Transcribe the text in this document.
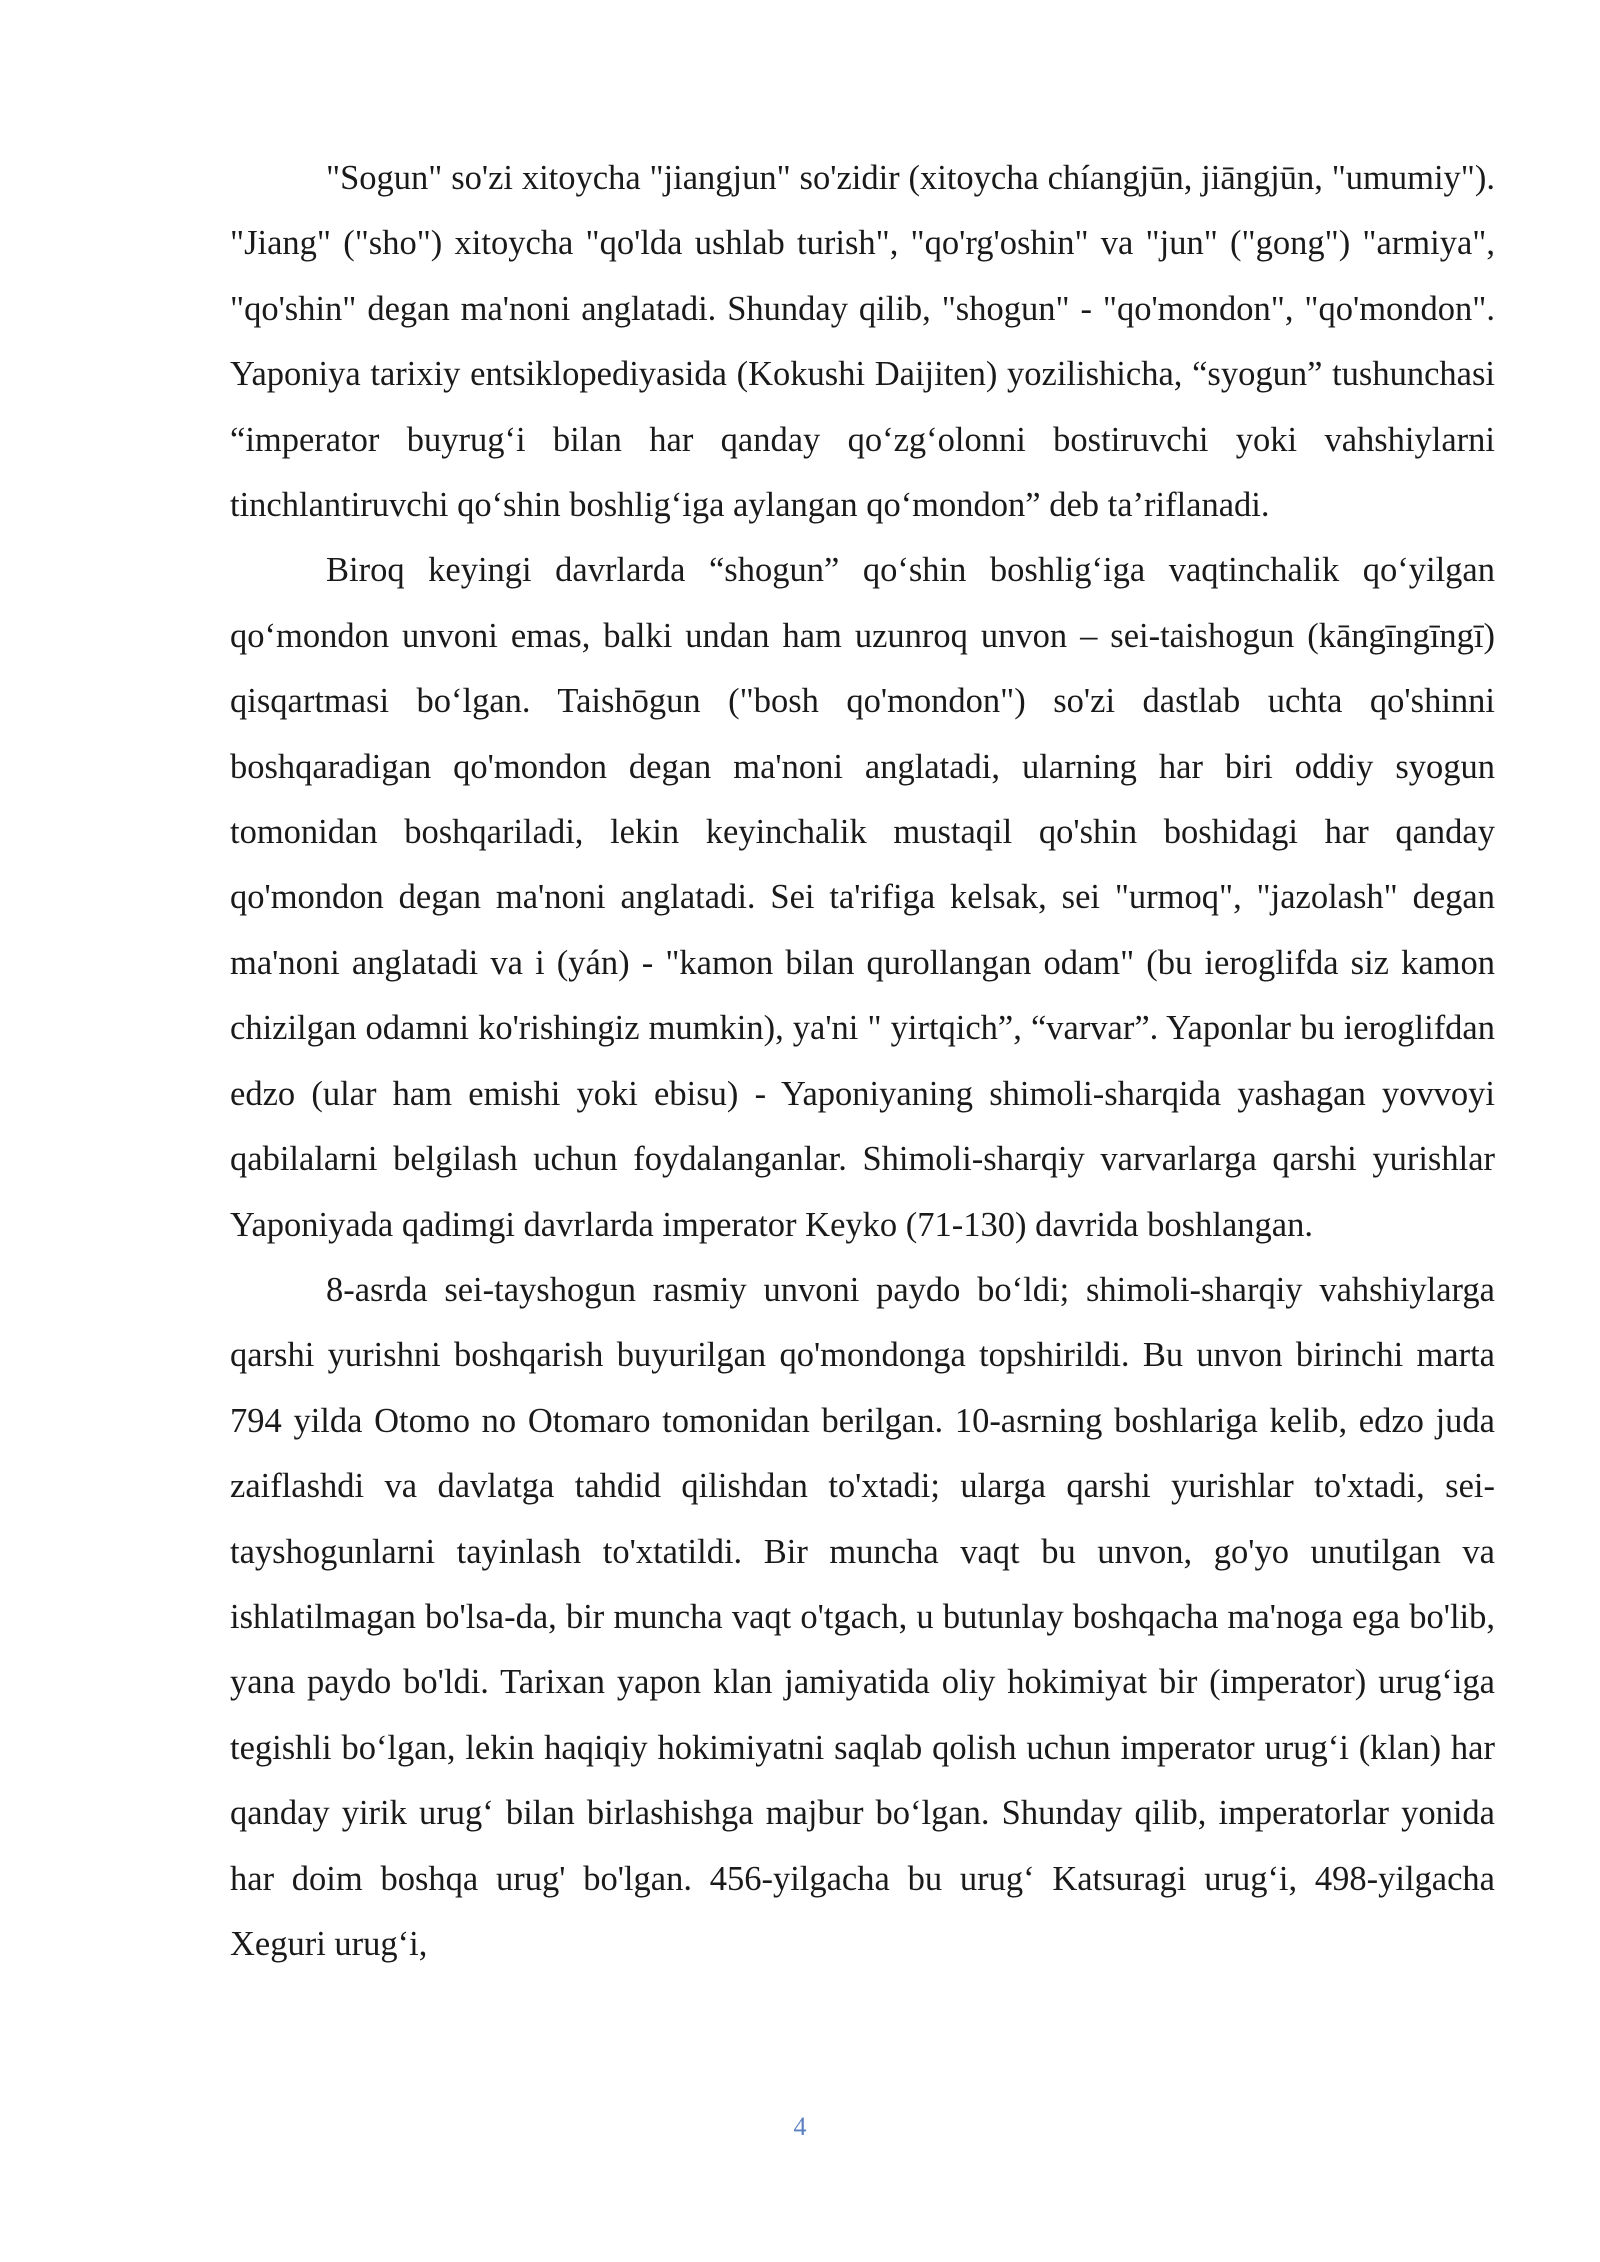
"Sogun" so'zi xitoycha "jiangjun" so'zidir (xitoycha chíangjūn, jiāngjūn, "umumiy"). "Jiang" ("sho") xitoycha "qo'lda ushlab turish", "qo'rg'oshin" va "jun" ("gong") "armiya", "qo'shin" degan ma'noni anglatadi. Shunday qilib, "shogun" - "qo'mondon", "qo'mondon". Yaponiya tarixiy entsiklopediyasida (Kokushi Daijiten) yozilishicha, “syogun” tushunchasi “imperator buyrugʻi bilan har qanday qoʻzgʻolonni bostiruvchi yoki vahshiylarni tinchlantiruvchi qoʻshin boshligʻiga aylangan qoʻmondon” deb ta’riflanadi.

Biroq keyingi davrlarda “shogun” qoʻshin boshligʻiga vaqtinchalik qoʻyilgan qoʻmondon unvoni emas, balki undan ham uzunroq unvon – sei-taishogun (kāngīngīngī) qisqartmasi boʻlgan. Taishōgun ("bosh qo'mondon") so'zi dastlab uchta qo'shinni boshqaradigan qo'mondon degan ma'noni anglatadi, ularning har biri oddiy syogun tomonidan boshqariladi, lekin keyinchalik mustaqil qo'shin boshidagi har qanday qo'mondon degan ma'noni anglatadi. Sei ta'rifiga kelsak, sei "urmoq", "jazolash" degan ma'noni anglatadi va i (yán) - "kamon bilan qurollangan odam" (bu ieroglifda siz kamon chizilgan odamni ko'rishingiz mumkin), ya'ni " yirtqich”, “varvar”. Yaponlar bu ieroglifdan edzo (ular ham emishi yoki ebisu) - Yaponiyaning shimoli-sharqida yashagan yovvoyi qabilalarni belgilash uchun foydalanganlar. Shimoli-sharqiy varvarlarga qarshi yurishlar Yaponiyada qadimgi davrlarda imperator Keyko (71-130) davrida boshlangan.

8-asrda sei-tayshogun rasmiy unvoni paydo boʻldi; shimoli-sharqiy vahshiylarga qarshi yurishni boshqarish buyurilgan qo'mondonga topshirildi. Bu unvon birinchi marta 794 yilda Otomo no Otomaro tomonidan berilgan. 10-asrning boshlariga kelib, edzo juda zaiflashdi va davlatga tahdid qilishdan to'xtadi; ularga qarshi yurishlar to'xtadi, sei-tayshogunlarni tayinlash to'xtatildi. Bir muncha vaqt bu unvon, go'yo unutilgan va ishlatilmagan bo'lsa-da, bir muncha vaqt o'tgach, u butunlay boshqacha ma'noga ega bo'lib, yana paydo bo'ldi. Tarixan yapon klan jamiyatida oliy hokimiyat bir (imperator) urugʻiga tegishli boʻlgan, lekin haqiqiy hokimiyatni saqlab qolish uchun imperator urugʻi (klan) har qanday yirik urugʻ bilan birlashishga majbur boʻlgan. Shunday qilib, imperatorlar yonida har doim boshqa urug' bo'lgan. 456-yilgacha bu urugʻ Katsuragi urugʻi, 498-yilgacha Xeguri urugʻi,

4
